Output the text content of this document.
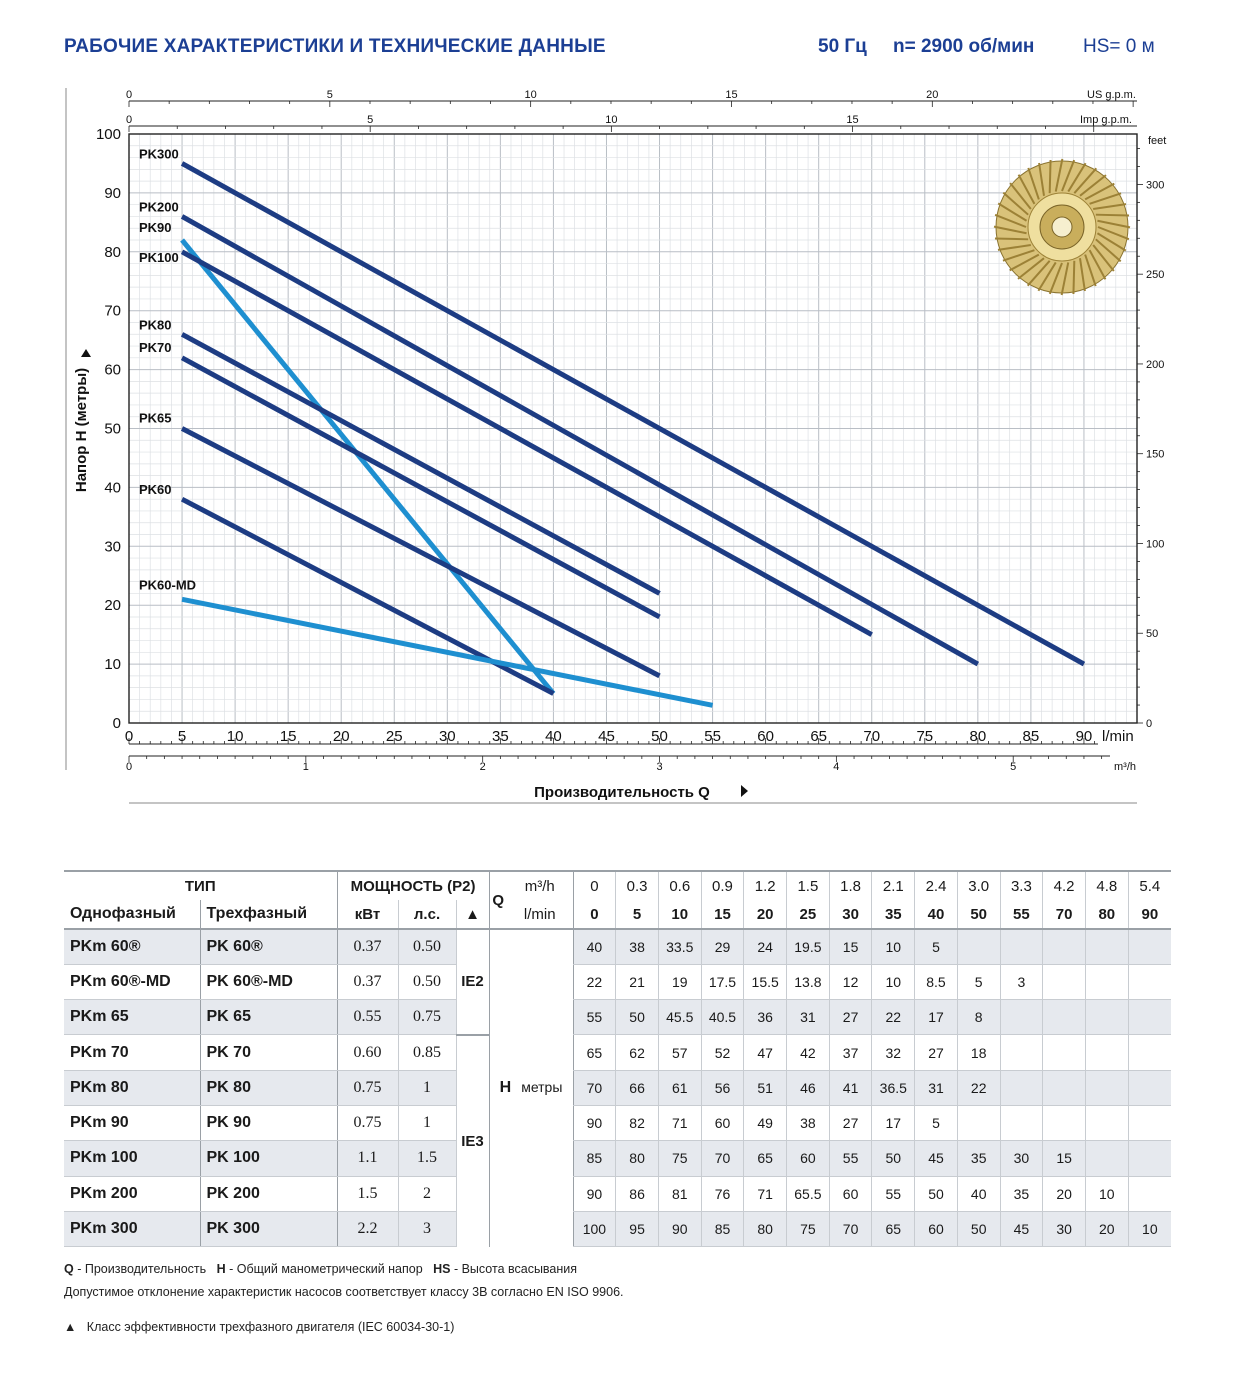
РАБОЧИЕ ХАРАКТЕРИСТИКИ И ТЕХНИЧЕСКИЕ ДАННЫЕ	50 Гц n= 2900 об/мин	HS= 0 м
0
10
20
30
40
50
60
70
80
90
100
Напор H (метры)
0	5	10 15 20 25 30 35 40 45 50 55 60 65 70 75 80 85 90 l/min
0	1	2	3	4	5	m³/h
Производительность Q
0	5	10	15	20	US g.p.m.
0	5	10	15	Imp g.p.m.
0
50
100
150
200
250
300
feet
PK300
PK200
PK90
PK100
PK80
PK70
PK65
PK60
PK60-MD
ТИП		МОЩНОСТЬ (P2)			Q	m³/h	0	0.3	0.6	0.9	1.2	1.5	1.8	2.1	2.4	3.0	3.3	4.2	4.8	5.4
Однофазный	Трехфазный	кВт	л.с.	▲		l/min	0	5	10	15	20	25	30	35	40	50	55	70	80	90
PKm 60®	PK 60®	0.37	0.50	IE2	H метры		40	38	33.5	29	24	19.5	15	10	5					
PKm 60®-MD	PK 60®-MD	0.37	0.50				22	21	19	17.5	15.5	13.8	12	10	8.5	5	3			
PKm 65	PK 65	0.55	0.75				55	50	45.5	40.5	36	31	27	22	17	8				
PKm 70	PK 70	0.60	0.85	IE3			65	62	57	52	47	42	37	32	27	18				
PKm 80	PK 80	0.75	1				70	66	61	56	51	46	41	36.5	31	22				
PKm 90	PK 90	0.75	1				90	82	71	60	49	38	27	17	5					
PKm 100	PK 100	1.1	1.5				85	80	75	70	65	60	55	50	45	35	30	15		
PKm 200	PK 200	1.5	2				90	86	81	76	71	65.5	60	55	50	40	35	20	10	
PKm 300	PK 300	2.2	3				100	95	90	85	80	75	70	65	60	50	45	30	20	10
Q - Производительность H - Общий манометрический напор HS - Высота всасывания
Допустимое отклонение характеристик насосов соответствует классу 3B согласно EN ISO 9906.
▲ Класс эффективности трехфазного двигателя (IEC 60034-30-1)
